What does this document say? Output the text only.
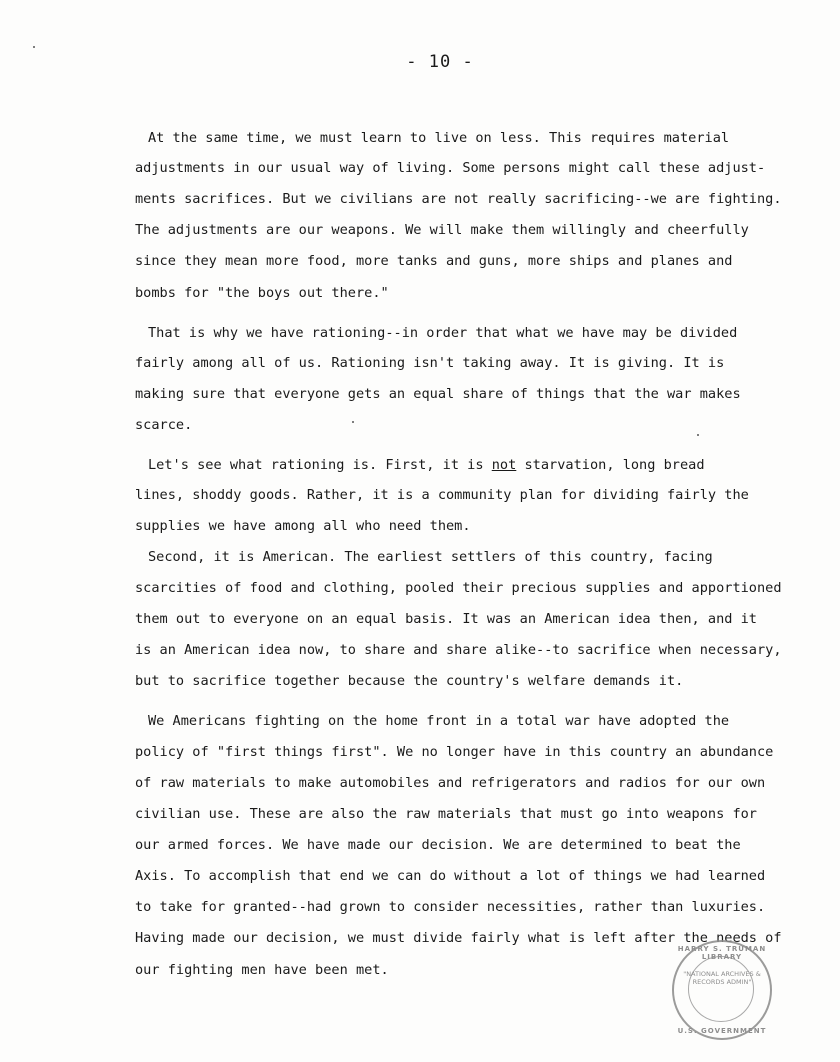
- 10 -
At the same time, we must learn to live on less. This requires material
adjustments in our usual way of living. Some persons might call these adjust-
ments sacrifices. But we civilians are not really sacrificing--we are fighting.
The adjustments are our weapons. We will make them willingly and cheerfully
since they mean more food, more tanks and guns, more ships and planes and
bombs for "the boys out there."
That is why we have rationing--in order that what we have may be divided
fairly among all of us. Rationing isn't taking away. It is giving. It is
making sure that everyone gets an equal share of things that the war makes
scarce.
Let's see what rationing is. First, it is not starvation, long bread
lines, shoddy goods. Rather, it is a community plan for dividing fairly the
supplies we have among all who need them.
Second, it is American. The earliest settlers of this country, facing
scarcities of food and clothing, pooled their precious supplies and apportioned
them out to everyone on an equal basis. It was an American idea then, and it
is an American idea now, to share and share alike--to sacrifice when necessary,
but to sacrifice together because the country's welfare demands it.
We Americans fighting on the home front in a total war have adopted the
policy of "first things first". We no longer have in this country an abundance
of raw materials to make automobiles and refrigerators and radios for our own
civilian use. These are also the raw materials that must go into weapons for
our armed forces. We have made our decision. We are determined to beat the
Axis. To accomplish that end we can do without a lot of things we had learned
to take for granted--had grown to consider necessities, rather than luxuries.
Having made our decision, we must divide fairly what is left after the needs of
our fighting men have been met.
HARRY S. TRUMAN LIBRARY
"NATIONAL ARCHIVES & RECORDS ADMIN"
U.S. GOVERNMENT
